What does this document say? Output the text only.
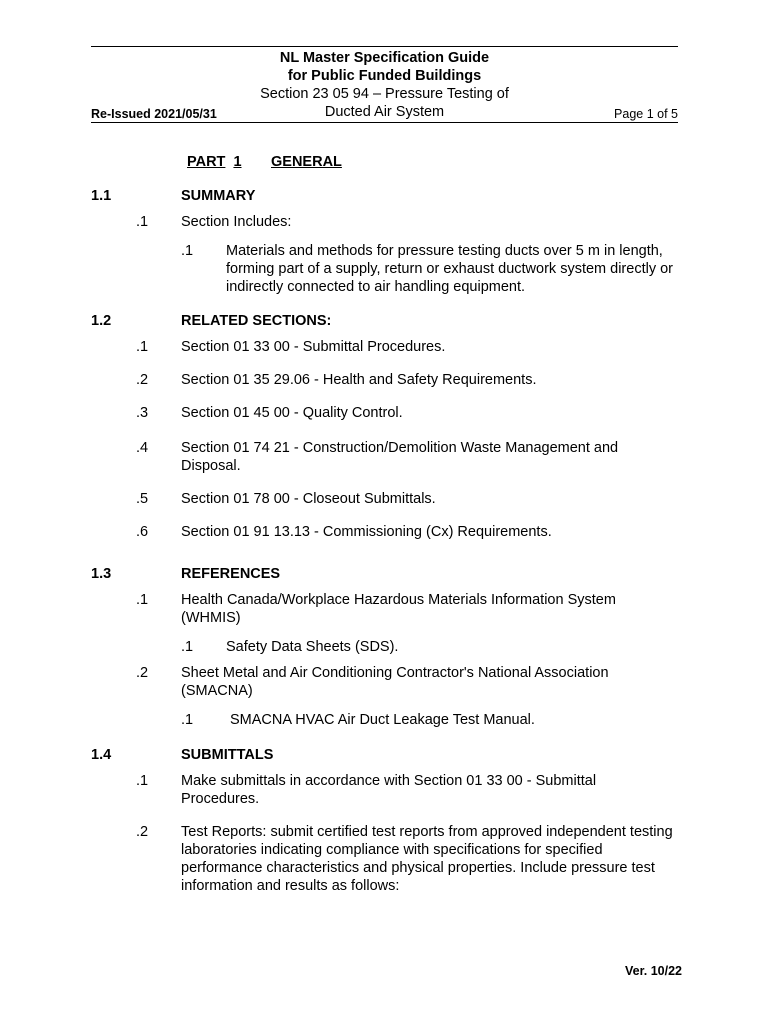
NL Master Specification Guide
for Public Funded Buildings
Section 23 05 94 – Pressure Testing of
Ducted Air System
Re-Issued 2021/05/31	Page 1 of 5
PART 1 GENERAL
1.1	SUMMARY
.1 Section Includes:
.1 Materials and methods for pressure testing ducts over 5 m in length, forming part of a supply, return or exhaust ductwork system directly or indirectly connected to air handling equipment.
1.2	RELATED SECTIONS:
.1 Section 01 33 00 - Submittal Procedures.
.2 Section 01 35 29.06 - Health and Safety Requirements.
.3 Section 01 45 00 - Quality Control.
.4 Section 01 74 21 - Construction/Demolition Waste Management and Disposal.
.5 Section 01 78 00 - Closeout Submittals.
.6 Section 01 91 13.13 - Commissioning (Cx) Requirements.
1.3	REFERENCES
.1 Health Canada/Workplace Hazardous Materials Information System (WHMIS)
.1 Safety Data Sheets (SDS).
.2 Sheet Metal and Air Conditioning Contractor's National Association (SMACNA)
.1	SMACNA HVAC Air Duct Leakage Test Manual.
1.4	SUBMITTALS
.1 Make submittals in accordance with Section 01 33 00 - Submittal Procedures.
.2 Test Reports: submit certified test reports from approved independent testing laboratories indicating compliance with specifications for specified performance characteristics and physical properties. Include pressure test information and results as follows:
Ver. 10/22
